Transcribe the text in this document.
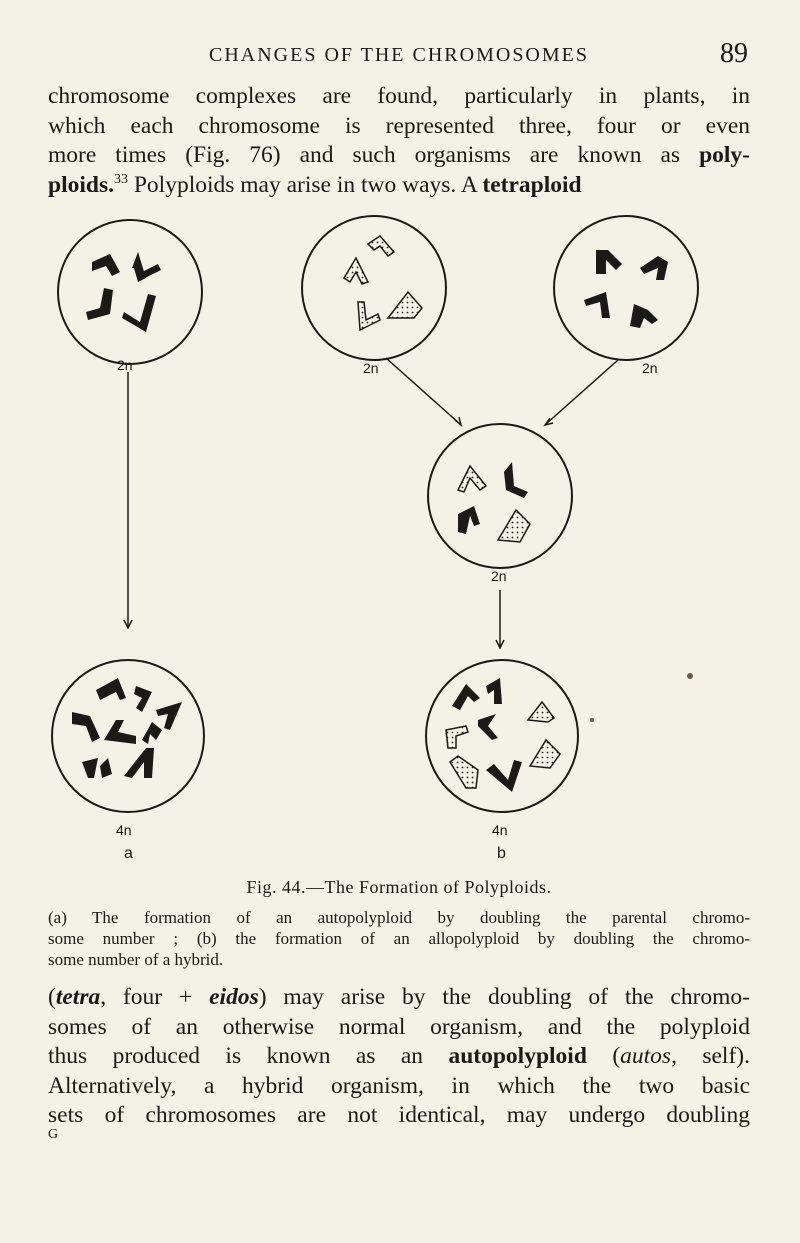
CHANGES OF THE CHROMOSOMES	89

chromosome complexes are found, particularly in plants, in
which each chromosome is represented three, four or even
more times (Fig. 76) and such organisms are known as poly-
ploids.$^{33}$ Polyploids may arise in two ways. A tetraploid

2n	2n	2n
2n
4n	4n
a	b
Fig. 44.—The Formation of Polyploids.
(a) The formation of an autopolyploid by doubling the parental chromo-
some number ; (b) the formation of an allopolyploid by doubling the chromo-
some number of a hybrid.

(tetra, four + eidos) may arise by the doubling of the chromo-
somes of an otherwise normal organism, and the polyploid
thus produced is known as an autopolyploid (autos, self).
Alternatively, a hybrid organism, in which the two basic
sets of chromosomes are not identical, may undergo doubling

G
